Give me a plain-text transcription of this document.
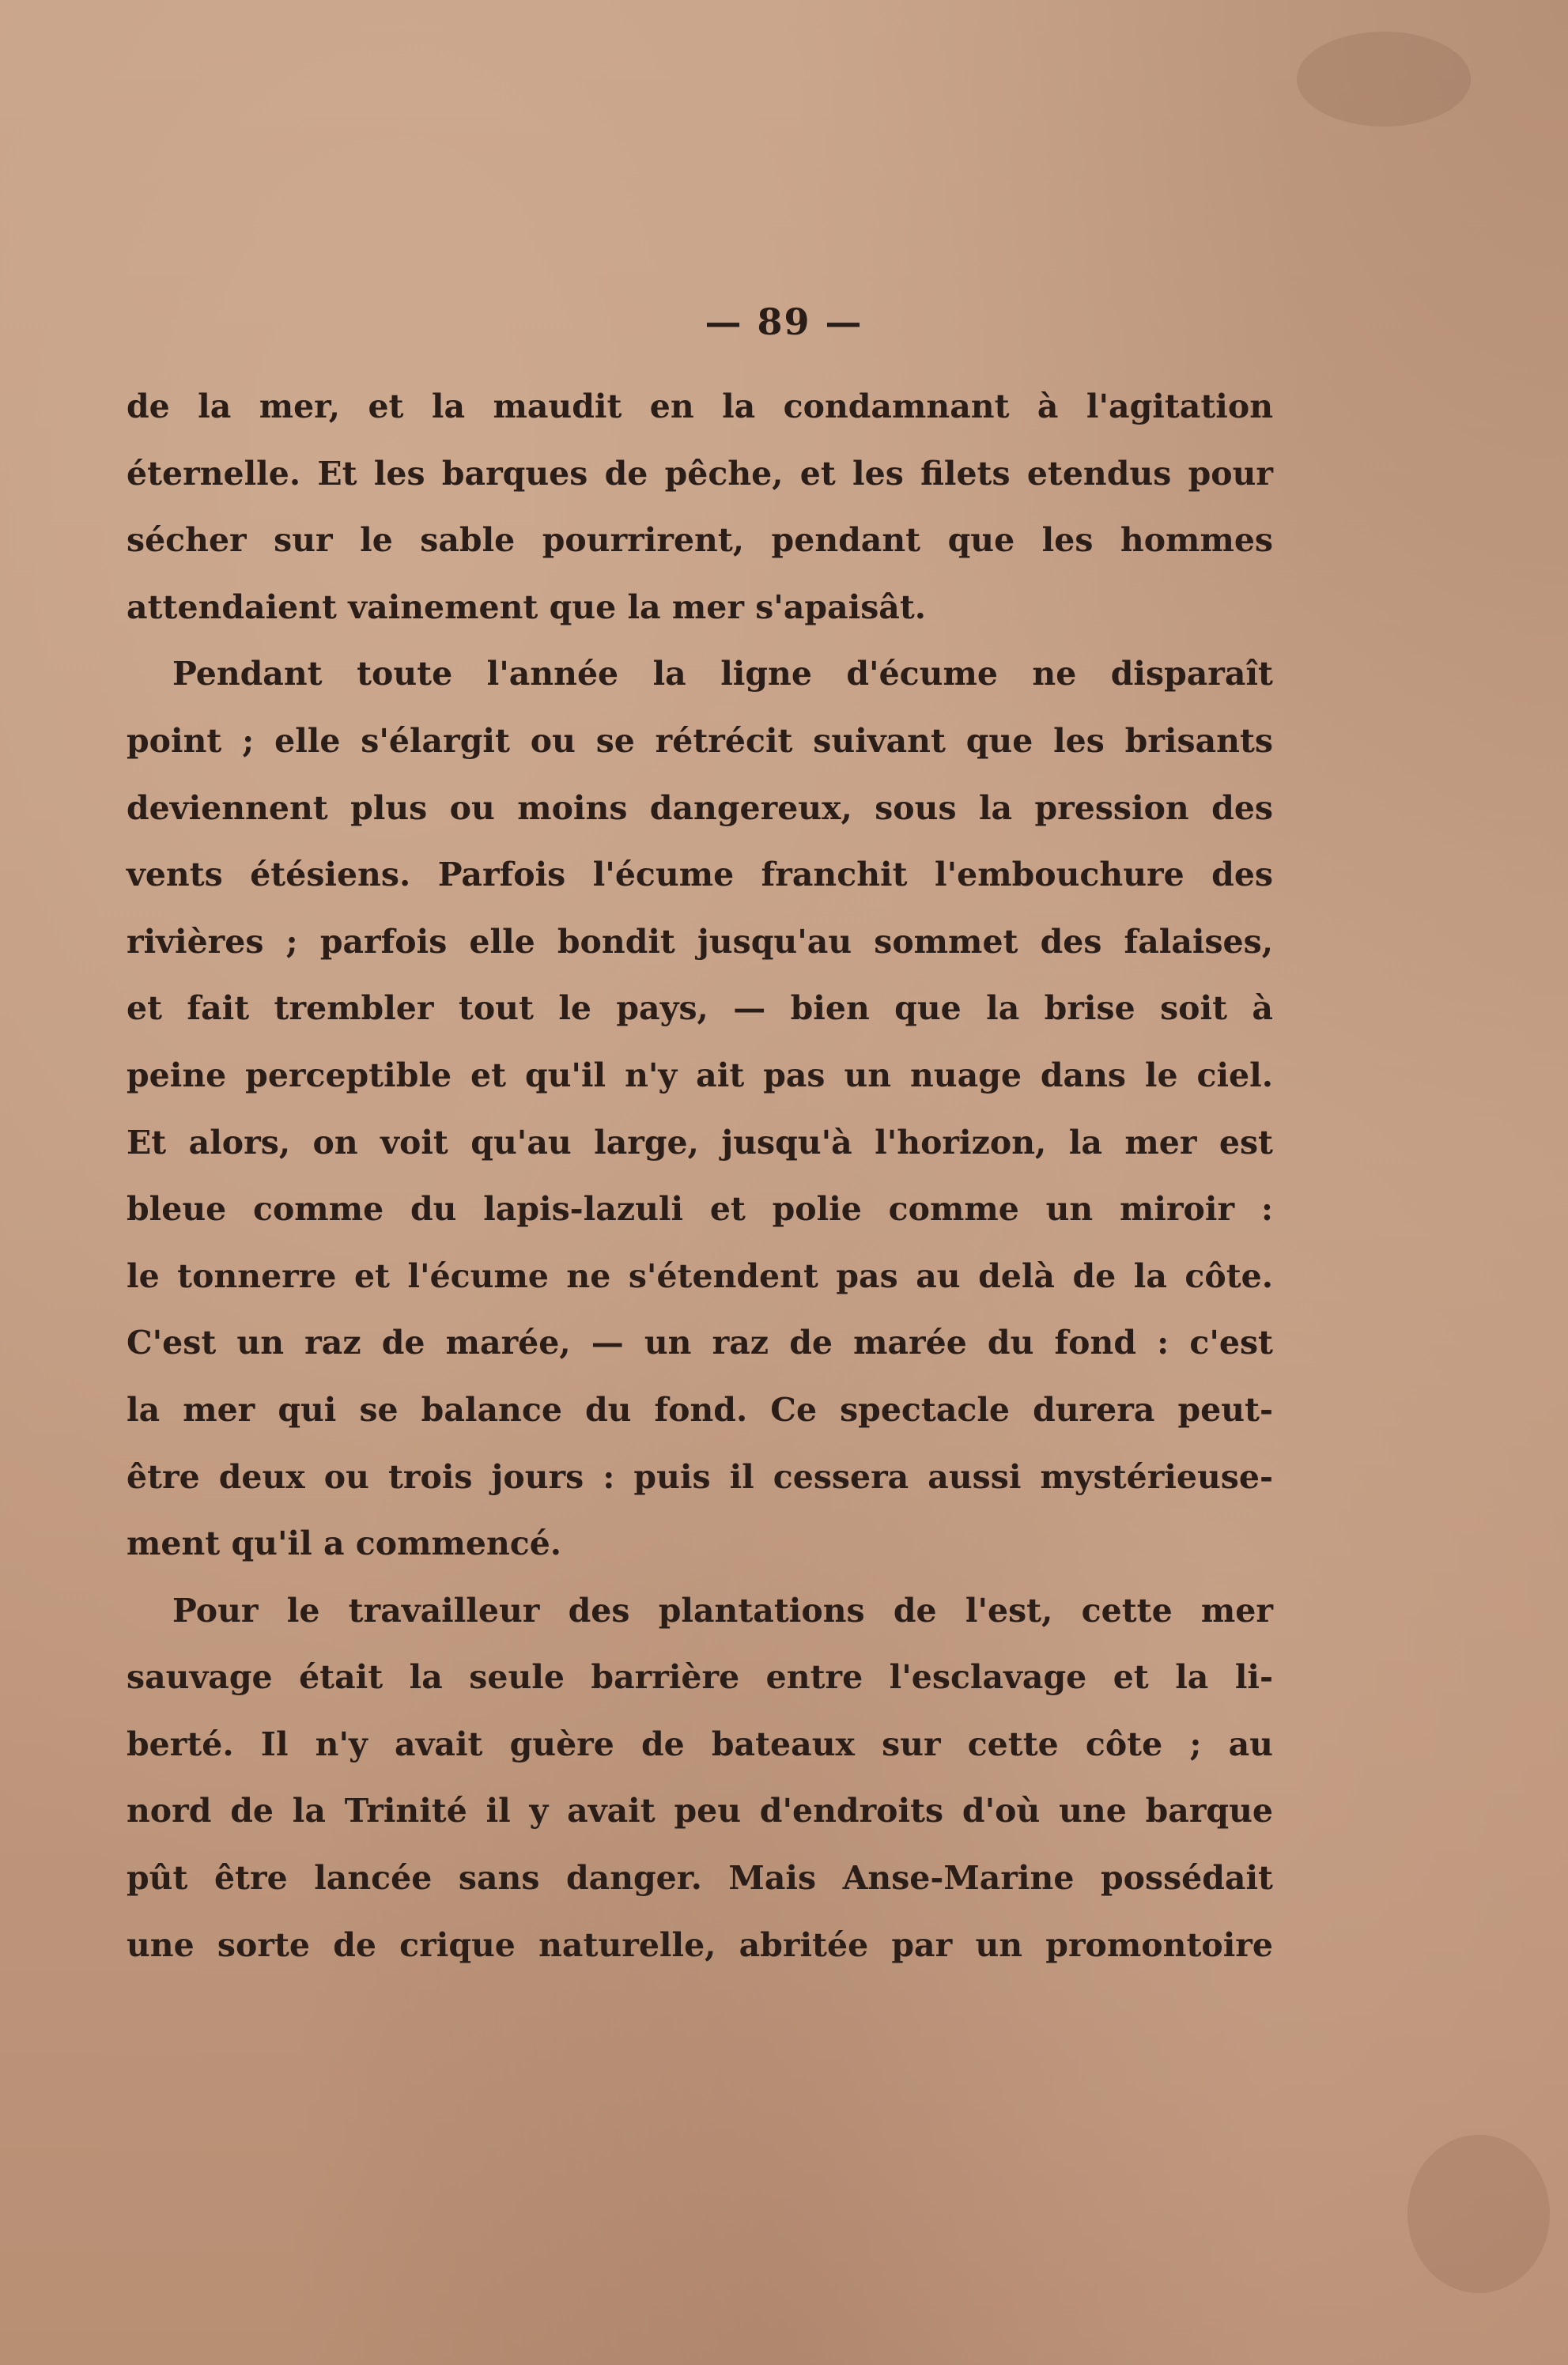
— 89 —
de la mer, et la maudit en la condamnant à l'agitation
éternelle. Et les barques de pêche, et les filets etendus pour
sécher sur le sable pourrirent, pendant que les hommes
attendaient vainement que la mer s'apaisât.
Pendant toute l'année la ligne d'écume ne disparaît
point ; elle s'élargit ou se rétrécit suivant que les brisants
deviennent plus ou moins dangereux, sous la pression des
vents étésiens. Parfois l'écume franchit l'embouchure des
rivières ; parfois elle bondit jusqu'au sommet des falaises,
et fait trembler tout le pays, — bien que la brise soit à
peine perceptible et qu'il n'y ait pas un nuage dans le ciel.
Et alors, on voit qu'au large, jusqu'à l'horizon, la mer est
bleue comme du lapis-lazuli et polie comme un miroir :
le tonnerre et l'écume ne s'étendent pas au delà de la côte.
C'est un raz de marée, — un raz de marée du fond : c'est
la mer qui se balance du fond. Ce spectacle durera peut-
être deux ou trois jours : puis il cessera aussi mystérieuse-
ment qu'il a commencé.
Pour le travailleur des plantations de l'est, cette mer
sauvage était la seule barrière entre l'esclavage et la li-
berté. Il n'y avait guère de bateaux sur cette côte ; au
nord de la Trinité il y avait peu d'endroits d'où une barque
pût être lancée sans danger. Mais Anse-Marine possédait
une sorte de crique naturelle, abritée par un promontoire
